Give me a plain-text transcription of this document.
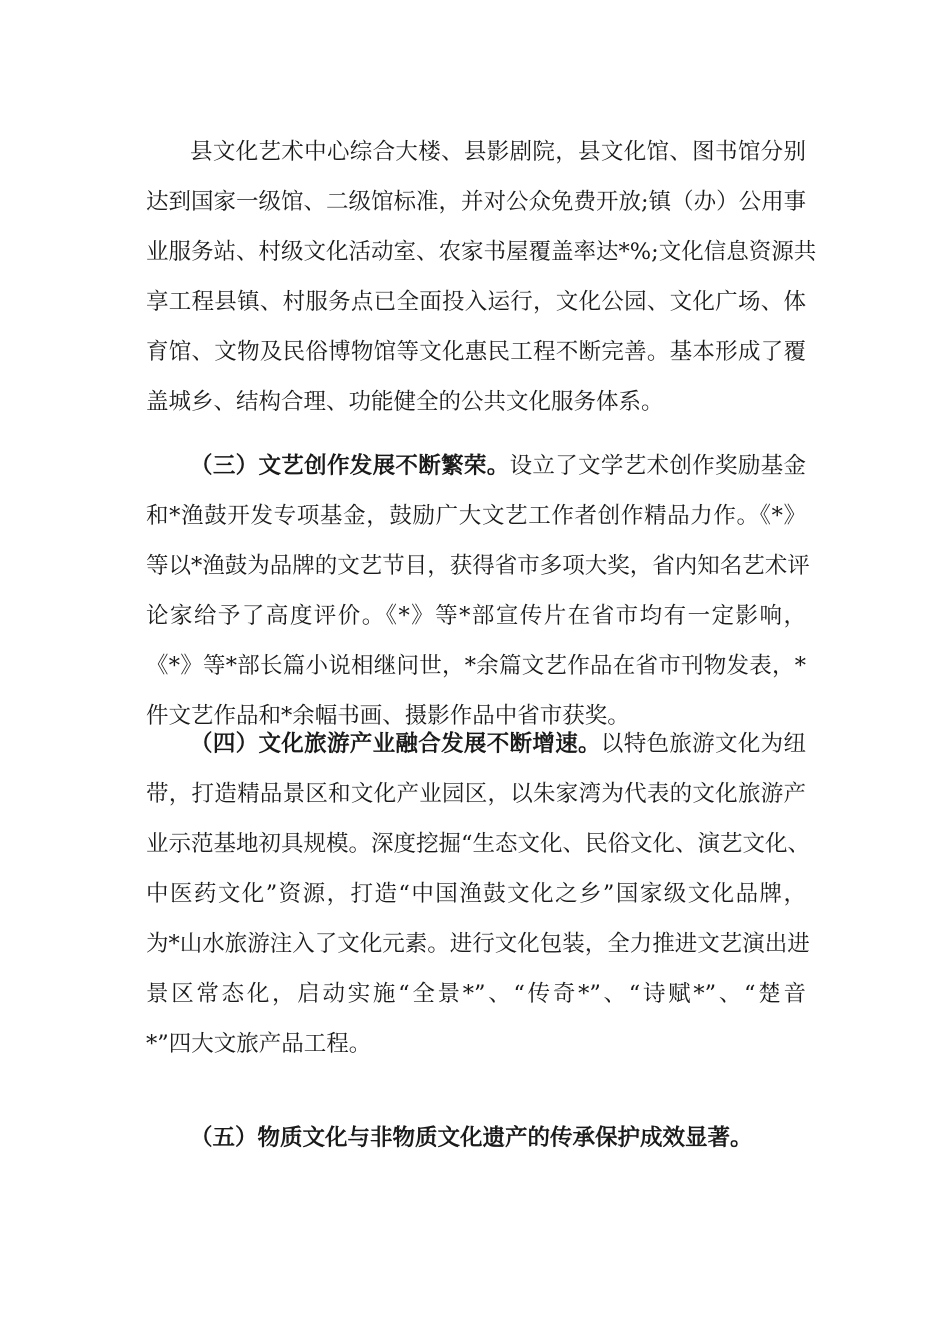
县文化艺术中心综合大楼、县影剧院，县文化馆、图书馆分别
达到国家一级馆、二级馆标准，并对公众免费开放;镇（办）公用事
业服务站、村级文化活动室、农家书屋覆盖率达*%;文化信息资源共
享工程县镇、村服务点已全面投入运行，文化公园、文化广场、体
育馆、文物及民俗博物馆等文化惠民工程不断完善。基本形成了覆
盖城乡、结构合理、功能健全的公共文化服务体系。
（三）文艺创作发展不断繁荣。设立了文学艺术创作奖励基金
和*渔鼓开发专项基金，鼓励广大文艺工作者创作精品力作。《*》
等以*渔鼓为品牌的文艺节目，获得省市多项大奖，省内知名艺术评
论家给予了高度评价。《*》等*部宣传片在省市均有一定影响，
《*》等*部长篇小说相继问世，*余篇文艺作品在省市刊物发表，*
件文艺作品和*余幅书画、摄影作品中省市获奖。
（四）文化旅游产业融合发展不断增速。以特色旅游文化为纽
带，打造精品景区和文化产业园区，以朱家湾为代表的文化旅游产
业示范基地初具规模。深度挖掘“生态文化、民俗文化、演艺文化、
中医药文化”资源，打造“中国渔鼓文化之乡”国家级文化品牌，
为*山水旅游注入了文化元素。进行文化包装，全力推进文艺演出进
景区常态化，启动实施“全景*”、“传奇*”、“诗赋*”、“楚音
*”四大文旅产品工程。
（五）物质文化与非物质文化遗产的传承保护成效显著。
